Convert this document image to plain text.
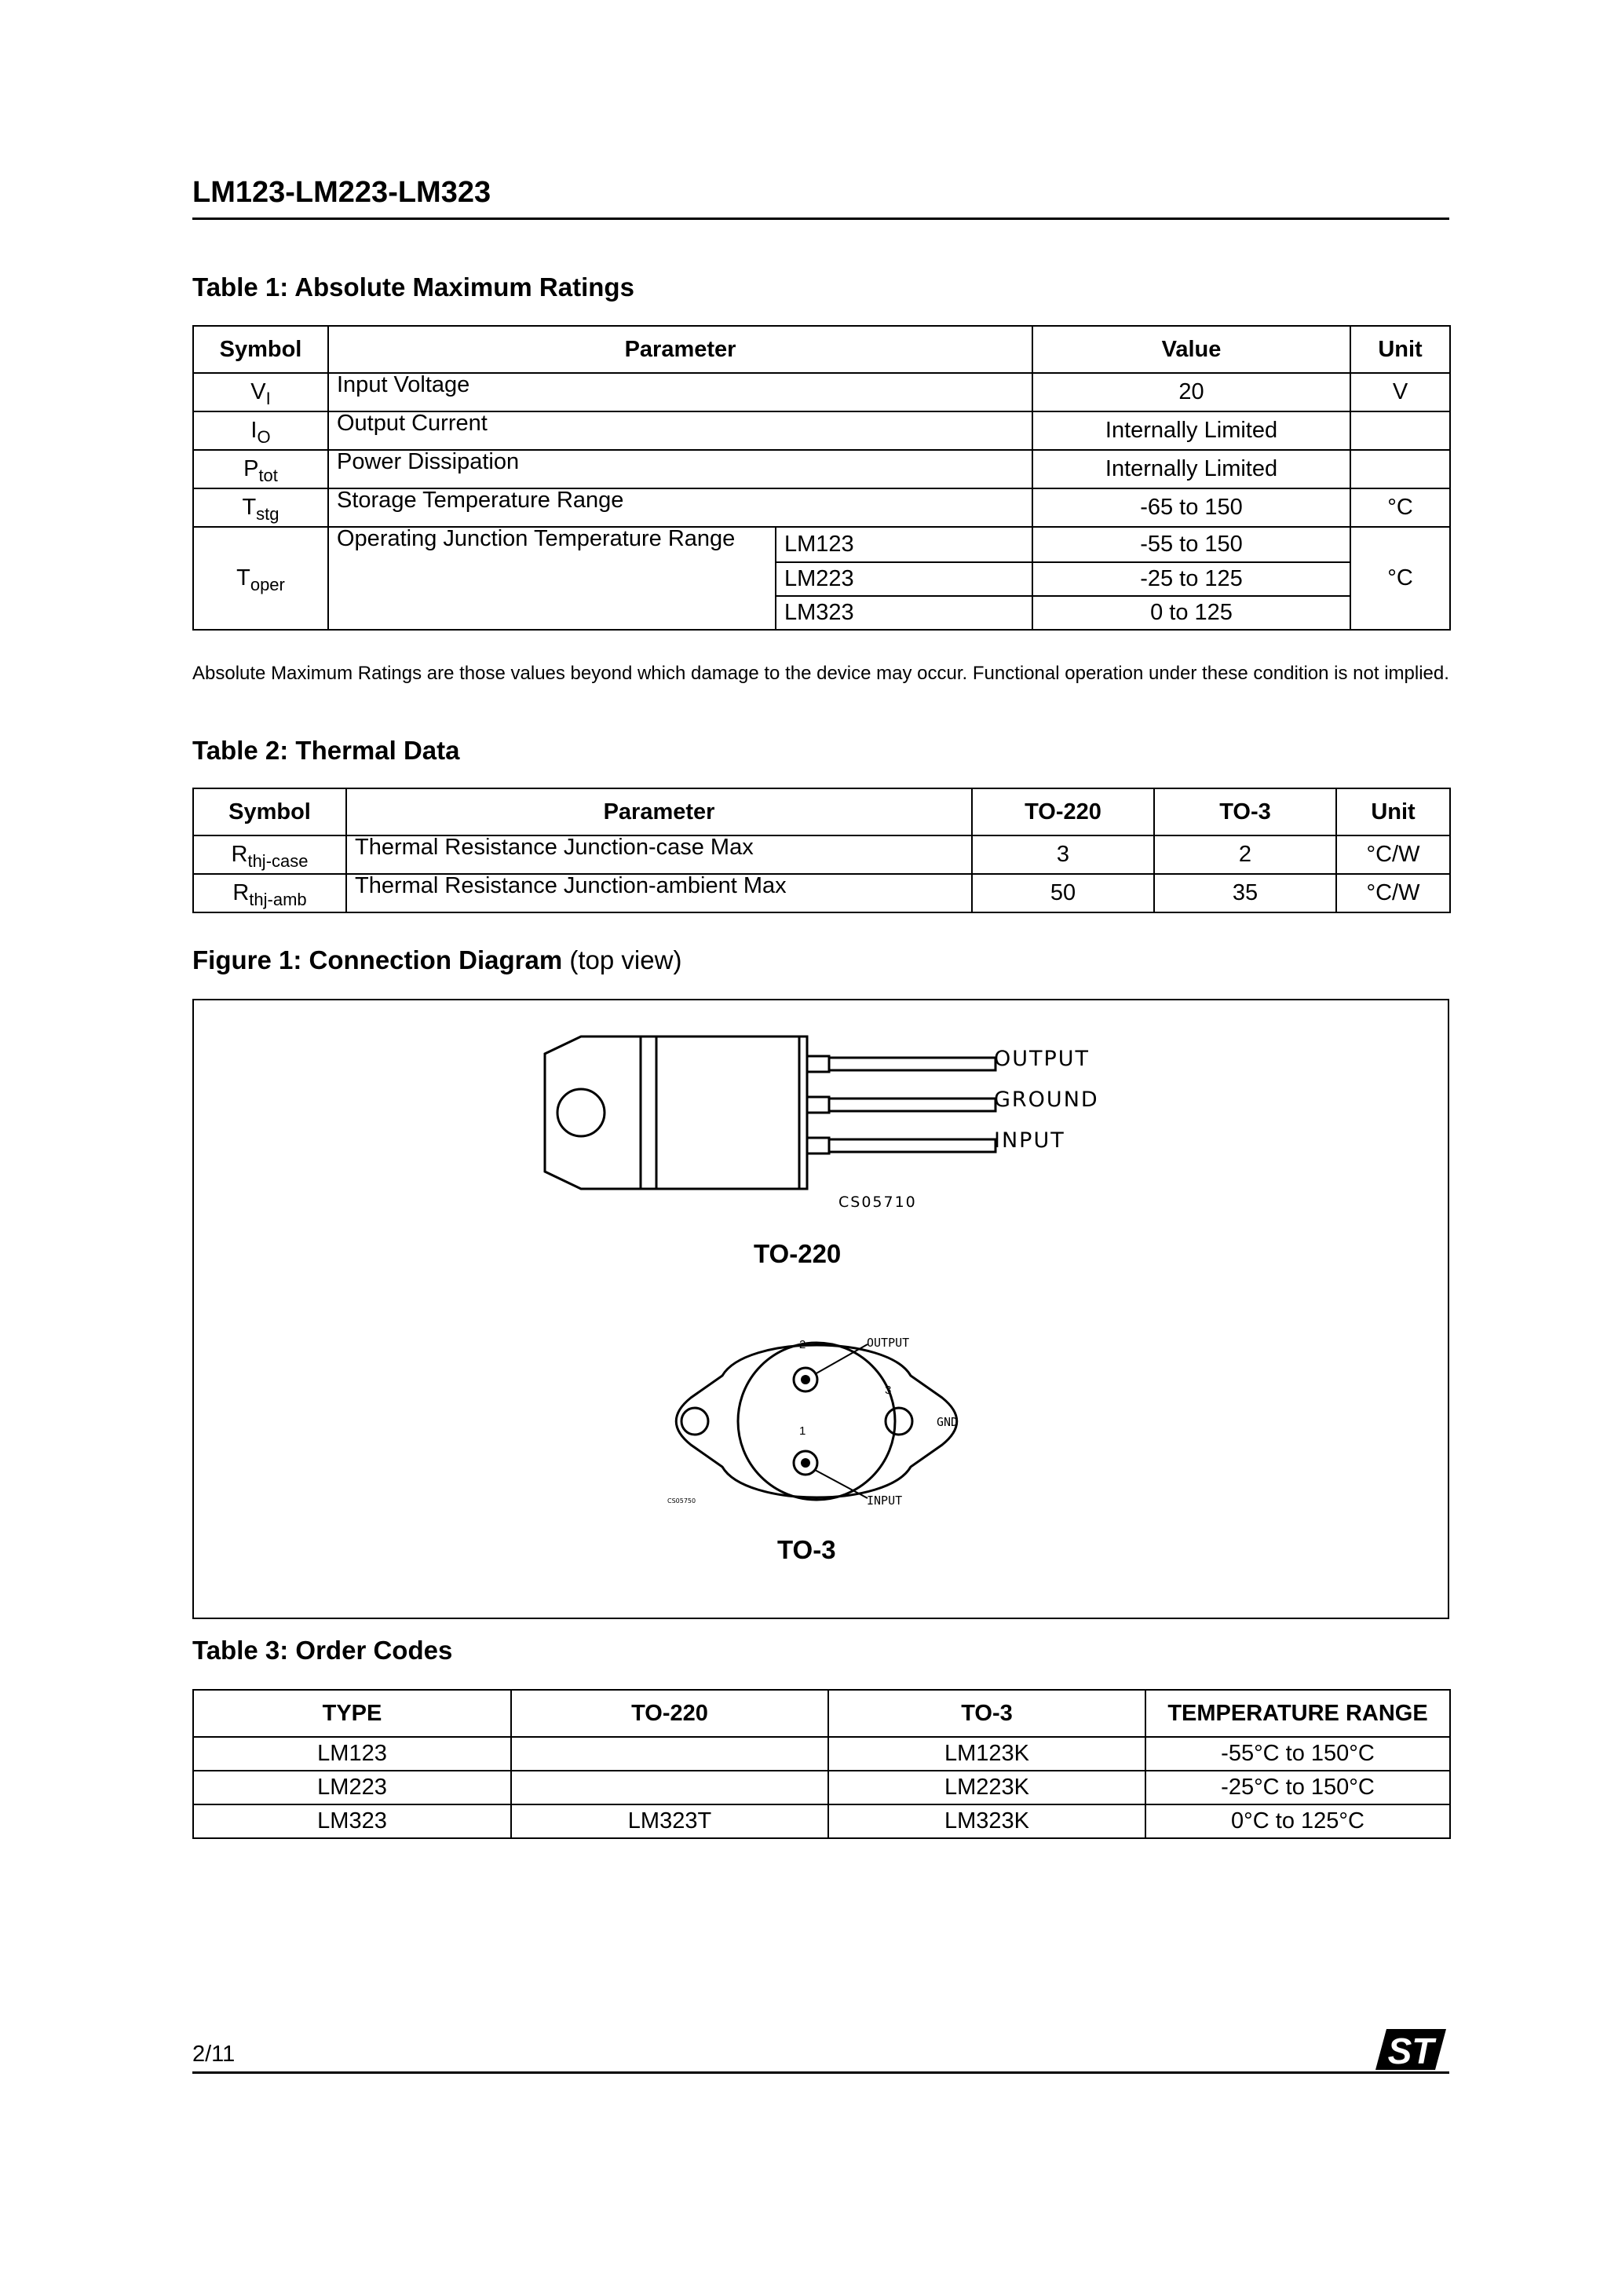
LM123-LM223-LM323
Table 1: Absolute Maximum Ratings
Symbol	Parameter		Value	Unit
$V_I$	Input Voltage		20	V
$I_O$	Output Current		Internally Limited	
$P_{tot}$	Power Dissipation		Internally Limited	
$T_{stg}$	Storage Temperature Range		-65 to 150	°C
$T_{oper}$	Operating Junction Temperature Range	LM123	-55 to 150	°C
		LM223	-25 to 125	
		LM323	0 to 125	
Absolute Maximum Ratings are those values beyond which damage to the device may occur. Functional operation under these condition is not implied.
Table 2: Thermal Data
Symbol	Parameter	TO-220	TO-3	Unit
$R_{thj-case}$	Thermal Resistance Junction-case Max	3	2	°C/W
$R_{thj-amb}$	Thermal Resistance Junction-ambient Max	50	35	°C/W
Figure 1: Connection Diagram (top view)
OUTPUT
GROUND
INPUT
CS05710
TO-220
OUTPUT
GND
INPUT
2
3
1
CS05750
TO-3
Table 3: Order Codes
TYPE	TO-220	TO-3	TEMPERATURE RANGE
LM123		LM123K	-55°C to 150°C
LM223		LM223K	-25°C to 150°C
LM323	LM323T	LM323K	0°C to 125°C
2/11	ST
